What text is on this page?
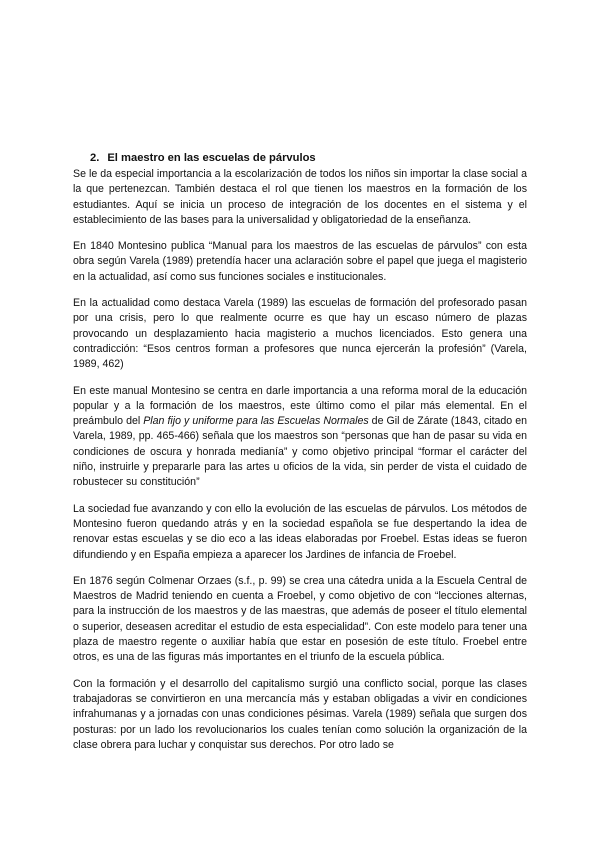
2. El maestro en las escuelas de párvulos

Se le da especial importancia a la escolarización de todos los niños sin importar la clase social a la que pertenezcan. También destaca el rol que tienen los maestros en la formación de los estudiantes. Aquí se inicia un proceso de integración de los docentes en el sistema y el establecimiento de las bases para la universalidad y obligatoriedad de la enseñanza.

En 1840 Montesino publica “Manual para los maestros de las escuelas de párvulos” con esta obra según Varela (1989) pretendía hacer una aclaración sobre el papel que juega el magisterio en la actualidad, así como sus funciones sociales e institucionales.

En la actualidad como destaca Varela (1989) las escuelas de formación del profesorado pasan por una crisis, pero lo que realmente ocurre es que hay un escaso número de plazas provocando un desplazamiento hacia magisterio a muchos licenciados. Esto genera una contradicción: “Esos centros forman a profesores que nunca ejercerán la profesión” (Varela, 1989, 462)

En este manual Montesino se centra en darle importancia a una reforma moral de la educación popular y a la formación de los maestros, este último como el pilar más elemental. En el preámbulo del Plan fijo y uniforme para las Escuelas Normales de Gil de Zárate (1843, citado en Varela, 1989, pp. 465-466) señala que los maestros son “personas que han de pasar su vida en condiciones de oscura y honrada medianía” y como objetivo principal “formar el carácter del niño, instruirle y prepararle para las artes u oficios de la vida, sin perder de vista el cuidado de robustecer su constitución”

La sociedad fue avanzando y con ello la evolución de las escuelas de párvulos. Los métodos de Montesino fueron quedando atrás y en la sociedad española se fue despertando la idea de renovar estas escuelas y se dio eco a las ideas elaboradas por Froebel. Estas ideas se fueron difundiendo y en España empieza a aparecer los Jardines de infancia de Froebel.

En 1876 según Colmenar Orzaes (s.f., p. 99) se crea una cátedra unida a la Escuela Central de Maestros de Madrid teniendo en cuenta a Froebel, y como objetivo de con “lecciones alternas, para la instrucción de los maestros y de las maestras, que además de poseer el título elemental o superior, deseasen acreditar el estudio de esta especialidad”. Con este modelo para tener una plaza de maestro regente o auxiliar había que estar en posesión de este título. Froebel entre otros, es una de las figuras más importantes en el triunfo de la escuela pública.

Con la formación y el desarrollo del capitalismo surgió una conflicto social, porque las clases trabajadoras se convirtieron en una mercancía más y estaban obligadas a vivir en condiciones infrahumanas y a jornadas con unas condiciones pésimas. Varela (1989) señala que surgen dos posturas: por un lado los revolucionarios los cuales tenían como solución la organización de la clase obrera para luchar y conquistar sus derechos. Por otro lado se
